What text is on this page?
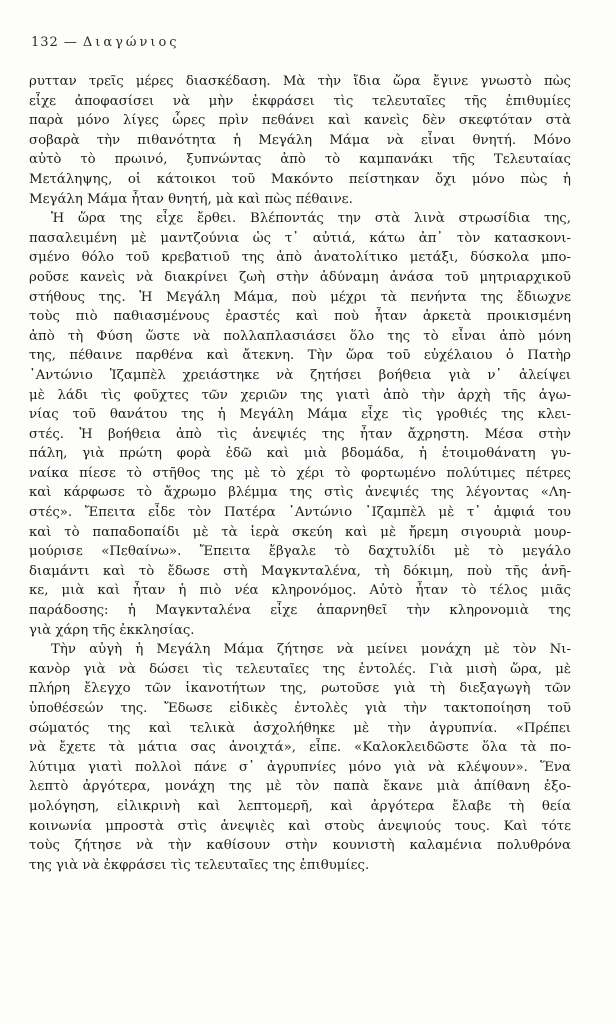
132 — Διαγώνιος
ρυτταν τρεῖς μέρες διασκέδαση. Μὰ τὴν ἴδια ὥρα ἔγινε γνωστὸ πὼς
εἶχε ἀποφασίσει νὰ μὴν ἐκφράσει τὶς τελευταῖες τῆς ἐπιθυμίες
παρὰ μόνο λίγες ὧρες πρὶν πεθάνει καὶ κανεὶς δὲν σκεφτόταν στὰ
σοβαρὰ τὴν πιθανότητα ἡ Μεγάλη Μάμα νὰ εἶναι θνητή. Μόνο
αὐτὸ τὸ πρωινό, ξυπνώντας ἀπὸ τὸ καμπανάκι τῆς Τελευταίας
Μετάληψης, οἱ κάτοικοι τοῦ Μακόντο πείστηκαν ὄχι μόνο πὼς ἡ
Μεγάλη Μάμα ἦταν θνητή, μὰ καὶ πὼς πέθαινε.
Ἡ ὥρα της εἶχε ἔρθει. Βλέποντάς την στὰ λινὰ στρωσίδια της,
πασαλειμένη μὲ μαντζούνια ὡς τ᾽ αὐτιά, κάτω ἀπ᾽ τὸν κατασκονι-
σμένο θόλο τοῦ κρεβατιοῦ της ἀπὸ ἀνατολίτικο μετάξι, δύσκολα μπο-
ροῦσε κανεὶς νὰ διακρίνει ζωὴ στὴν ἀδύναμη ἀνάσα τοῦ μητριαρχικοῦ
στήθους της. Ἡ Μεγάλη Μάμα, ποὺ μέχρι τὰ πενήντα της ἔδιωχνε
τοὺς πιὸ παθιασμένους ἐραστές καὶ ποὺ ἦταν ἀρκετὰ προικισμένη
ἀπὸ τὴ Φύση ὥστε νὰ πολλαπλασιάσει ὅλο της τὸ εἶναι ἀπὸ μόνη
της, πέθαινε παρθένα καὶ ἄτεκνη. Τὴν ὥρα τοῦ εὐχέλαιου ὁ Πατὴρ
᾽Αντώνιο Ἰζαμπὲλ χρειάστηκε νὰ ζητήσει βοήθεια γιὰ ν᾽ ἀλείψει
μὲ λάδι τὶς φοῦχτες τῶν χεριῶν της γιατὶ ἀπὸ τὴν ἀρχὴ τῆς ἀγω-
νίας τοῦ θανάτου της ἡ Μεγάλη Μάμα εἶχε τὶς γροθιές της κλει-
στές. Ἡ βοήθεια ἀπὸ τὶς ἀνεψιές της ἦταν ἄχρηστη. Μέσα στὴν
πάλη, γιὰ πρώτη φορὰ ἐδῶ καὶ μιὰ βδομάδα, ἡ ἑτοιμοθάνατη γυ-
ναίκα πίεσε τὸ στῆθος της μὲ τὸ χέρι τὸ φορτωμένο πολύτιμες πέτρες
καὶ κάρφωσε τὸ ἄχρωμο βλέμμα της στὶς ἀνεψιές της λέγοντας «Λη-
στές». Ἔπειτα εἶδε τὸν Πατέρα ᾽Αντώνιο ᾽Ιζαμπὲλ μὲ τ᾽ ἀμφιά του
καὶ τὸ παπαδοπαίδι μὲ τὰ ἱερὰ σκεύη καὶ μὲ ἤρεμη σιγουριὰ μουρ-
μούρισε «Πεθαίνω». Ἔπειτα ἔβγαλε τὸ δαχτυλίδι μὲ τὸ μεγάλο
διαμάντι καὶ τὸ ἔδωσε στὴ Μαγκνταλένα, τὴ δόκιμη, ποὺ τῆς ἀνῆ-
κε, μιὰ καὶ ἦταν ἡ πιὸ νέα κληρονόμος. Αὐτὸ ἦταν τὸ τέλος μιᾶς
παράδοσης: ἡ Μαγκνταλένα εἶχε ἀπαρνηθεῖ τὴν κληρονομιὰ της
γιὰ χάρη τῆς ἐκκλησίας.
Τὴν αὐγὴ ἡ Μεγάλη Μάμα ζήτησε νὰ μείνει μονάχη μὲ τὸν Νι-
κανὸρ γιὰ νὰ δώσει τὶς τελευταῖες της ἐντολές. Γιὰ μισὴ ὥρα, μὲ
πλήρη ἔλεγχο τῶν ἱκανοτήτων της, ρωτοῦσε γιὰ τὴ διεξαγωγὴ τῶν
ὑποθέσεών της. Ἔδωσε εἰδικὲς ἐντολὲς γιὰ τὴν τακτοποίηση τοῦ
σώματός της καὶ τελικὰ ἀσχολήθηκε μὲ τὴν ἀγρυπνία. «Πρέπει
νὰ ἔχετε τὰ μάτια σας ἀνοιχτά», εἶπε. «Καλοκλειδῶστε ὅλα τὰ πο-
λύτιμα γιατὶ πολλοὶ πάνε σ᾽ ἀγρυπνίες μόνο γιὰ νὰ κλέψουν». Ἕνα
λεπτὸ ἀργότερα, μονάχη της μὲ τὸν παπὰ ἔκανε μιὰ ἀπίθανη ἐξο-
μολόγηση, εἰλικρινὴ καὶ λεπτομερῆ, καὶ ἀργότερα ἔλαβε τὴ θεία
κοινωνία μπροστὰ στὶς ἀνεψιὲς καὶ στοὺς ἀνεψιούς τους. Καὶ τότε
τοὺς ζήτησε νὰ τὴν καθίσουν στὴν κουνιστὴ καλαμένια πολυθρόνα
της γιὰ νὰ ἐκφράσει τὶς τελευταῖες της ἐπιθυμίες.
